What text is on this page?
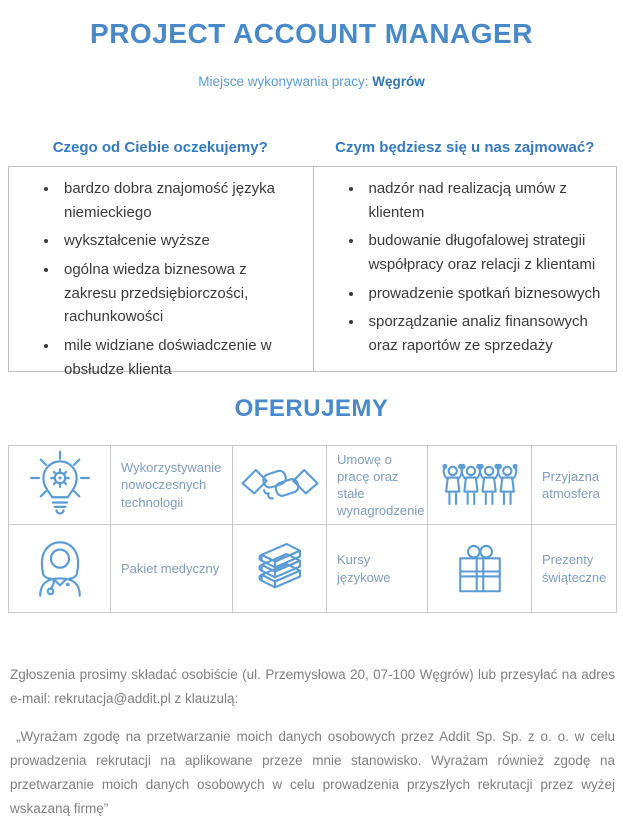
PROJECT ACCOUNT MANAGER
Miejsce wykonywania pracy: Węgrów
Czego od Ciebie oczekujemy?	Czym będziesz się u nas zajmować?
• bardzo dobra znajomość języka niemieckiego
• wykształcenie wyższe
• ogólna wiedza biznesowa z zakresu przedsiębiorczości, rachunkowości
• mile widziane doświadczenie w obsłudze klienta
• nadzór nad realizacją umów z klientem
• budowanie długofalowej strategii współpracy oraz relacji z klientami
• prowadzenie spotkań biznesowych
• sporządzanie analiz finansowych oraz raportów ze sprzedaży
OFERUJEMY
Wykorzystywanie nowoczesnych technologii
Umowę o pracę oraz stałe wynagrodzenie
Przyjazna atmosfera
Pakiet medyczny
Kursy językowe
Prezenty świąteczne

Zgłoszenia prosimy składać osobiście (ul. Przemysłowa 20, 07-100 Węgrów) lub przesyłać na adres e-mail: rekrutacja@addit.pl z klauzulą:

„Wyrażam zgodę na przetwarzanie moich danych osobowych przez Addit Sp. Sp. z o. o. w celu prowadzenia rekrutacji na aplikowane przeze mnie stanowisko. Wyrażam również zgodę na przetwarzanie moich danych osobowych w celu prowadzenia przyszłych rekrutacji przez wyżej wskazaną firmę”
